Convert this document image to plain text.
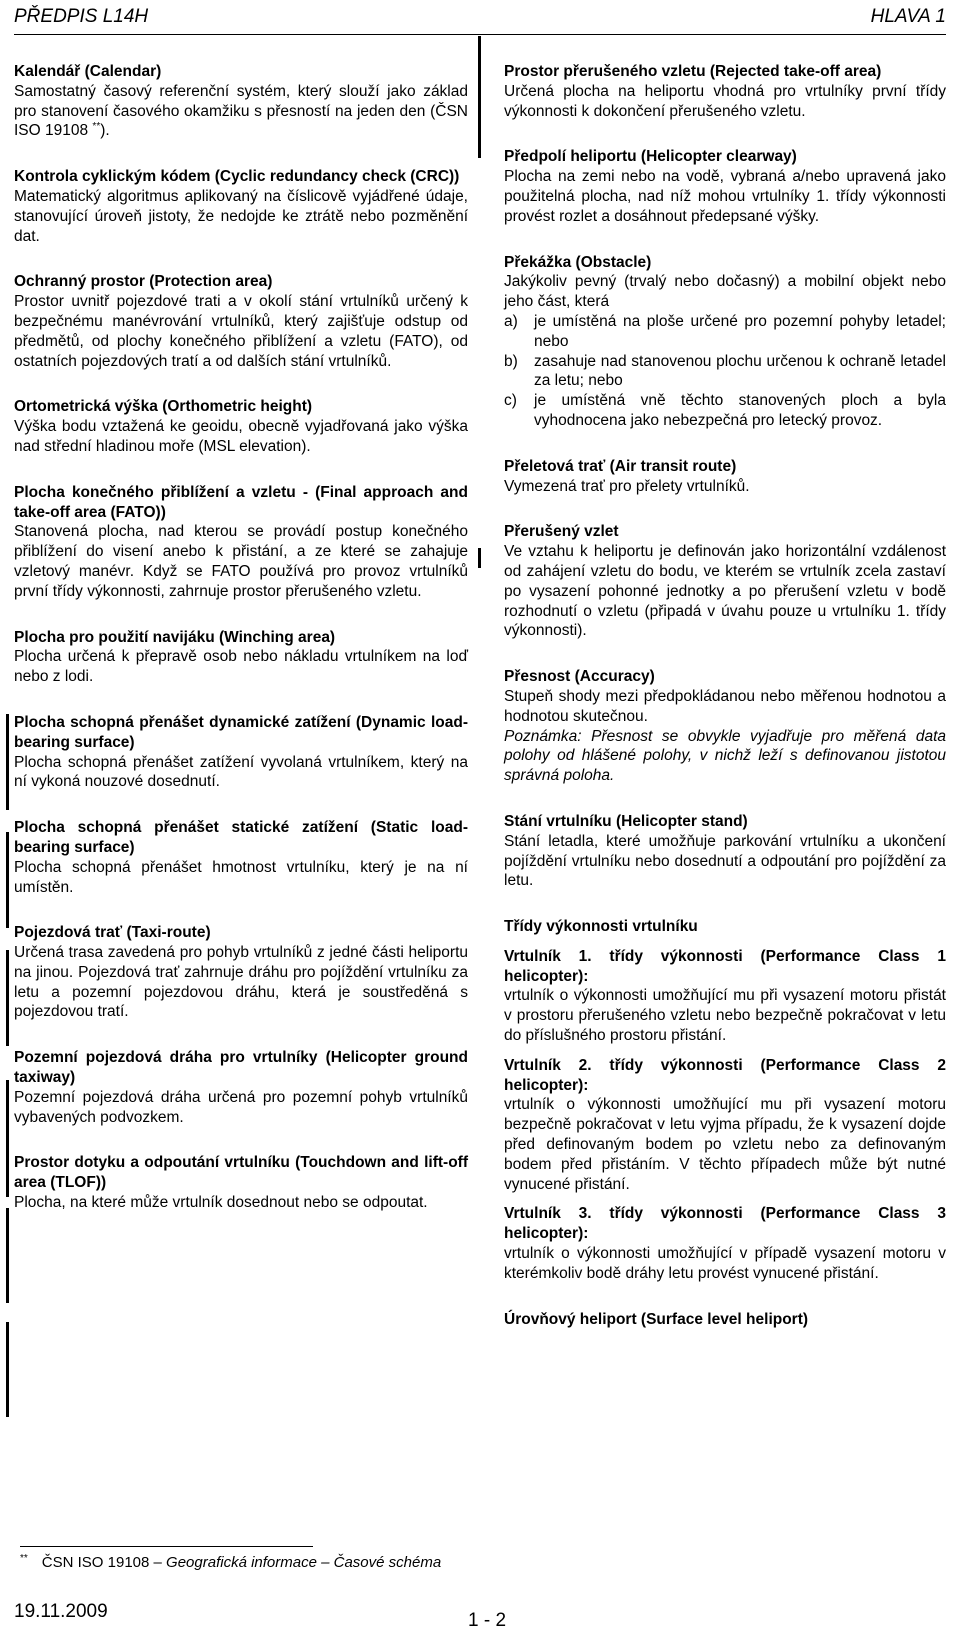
PŘEDPIS L14H	HLAVA 1
Kalendář (Calendar)
Samostatný časový referenční systém, který slouží jako základ pro stanovení časového okamžiku s přesností na jeden den (ČSN ISO 19108 **).
Kontrola cyklickým kódem (Cyclic redundancy check (CRC))
Matematický algoritmus aplikovaný na číslicově vyjádřené údaje, stanovující úroveň jistoty, že nedojde ke ztrátě nebo pozměnění dat.
Ochranný prostor (Protection area)
Prostor uvnitř pojezdové trati a v okolí stání vrtulníků určený k bezpečnému manévrování vrtulníků, který zajišťuje odstup od předmětů, od plochy konečného přiblížení a vzletu (FATO), od ostatních pojezdových tratí a od dalších stání vrtulníků.
Ortometrická výška (Orthometric height)
Výška bodu vztažená ke geoidu, obecně vyjadřovaná jako výška nad střední hladinou moře (MSL elevation).
Plocha konečného přiblížení a vzletu - (Final approach and take-off area (FATO))
Stanovená plocha, nad kterou se provádí postup konečného přiblížení do visení anebo k přistání, a ze které se zahajuje vzletový manévr. Když se FATO používá pro provoz vrtulníků první třídy výkonnosti, zahrnuje prostor přerušeného vzletu.
Plocha pro použití navijáku (Winching area)
Plocha určená k přepravě osob nebo nákladu vrtulníkem na loď nebo z lodi.
Plocha schopná přenášet dynamické zatížení (Dynamic load-bearing surface)
Plocha schopná přenášet zatížení vyvolaná vrtulníkem, který na ní vykoná nouzové dosednutí.
Plocha schopná přenášet statické zatížení (Static load-bearing surface)
Plocha schopná přenášet hmotnost vrtulníku, který je na ní umístěn.
Pojezdová trať (Taxi-route)
Určená trasa zavedená pro pohyb vrtulníků z jedné části heliportu na jinou. Pojezdová trať zahrnuje dráhu pro pojíždění vrtulníku za letu a pozemní pojezdovou dráhu, která je soustředěná s pojezdovou tratí.
Pozemní pojezdová dráha pro vrtulníky (Helicopter ground taxiway)
Pozemní pojezdová dráha určená pro pozemní pohyb vrtulníků vybavených podvozkem.
Prostor dotyku a odpoutání vrtulníku (Touchdown and lift-off area (TLOF))
Plocha, na které může vrtulník dosednout nebo se odpoutat.
Prostor přerušeného vzletu (Rejected take-off area)
Určená plocha na heliportu vhodná pro vrtulníky první třídy výkonnosti k dokončení přerušeného vzletu.
Předpolí heliportu (Helicopter clearway)
Plocha na zemi nebo na vodě, vybraná a/nebo upravená jako použitelná plocha, nad níž mohou vrtulníky 1. třídy výkonnosti provést rozlet a dosáhnout předepsané výšky.
Překážka (Obstacle)
Jakýkoliv pevný (trvalý nebo dočasný) a mobilní objekt nebo jeho část, která
a)	je umístěná na ploše určené pro pozemní pohyby letadel; nebo
b)	zasahuje nad stanovenou plochu určenou k ochraně letadel za letu; nebo
c)	je umístěná vně těchto stanovených ploch a byla vyhodnocena jako nebezpečná pro letecký provoz.
Přeletová trať (Air transit route)
Vymezená trať pro přelety vrtulníků.
Přerušený vzlet
Ve vztahu k heliportu je definován jako horizontální vzdálenost od zahájení vzletu do bodu, ve kterém se vrtulník zcela zastaví po vysazení pohonné jednotky a po přerušení vzletu v bodě rozhodnutí o vzletu (připadá v úvahu pouze u vrtulníku 1. třídy výkonnosti).
Přesnost (Accuracy)
Stupeň shody mezi předpokládanou nebo měřenou hodnotou a hodnotou skutečnou.
Poznámka: Přesnost se obvykle vyjadřuje pro měřená data polohy od hlášené polohy, v nichž leží s definovanou jistotou správná poloha.
Stání vrtulníku (Helicopter stand)
Stání letadla, které umožňuje parkování vrtulníku a ukončení pojíždění vrtulníku nebo dosednutí a odpoutání pro pojíždění za letu.
Třídy výkonnosti vrtulníku
Vrtulník 1. třídy výkonnosti (Performance Class 1 helicopter):
vrtulník o výkonnosti umožňující mu při vysazení motoru přistát v prostoru přerušeného vzletu nebo bezpečně pokračovat v letu do příslušného prostoru přistání.
Vrtulník 2. třídy výkonnosti (Performance Class 2 helicopter):
vrtulník o výkonnosti umožňující mu při vysazení motoru bezpečně pokračovat v letu vyjma případu, že k vysazení dojde před definovaným bodem po vzletu nebo za definovaným bodem před přistáním. V těchto případech může být nutné vynucené přistání.
Vrtulník 3. třídy výkonnosti (Performance Class 3 helicopter):
vrtulník o výkonnosti umožňující v případě vysazení motoru v kterémkoliv bodě dráhy letu provést vynucené přistání.
Úrovňový heliport (Surface level heliport)
** ČSN ISO 19108 – Geografická informace – Časové schéma
19.11.2009	1 - 2
